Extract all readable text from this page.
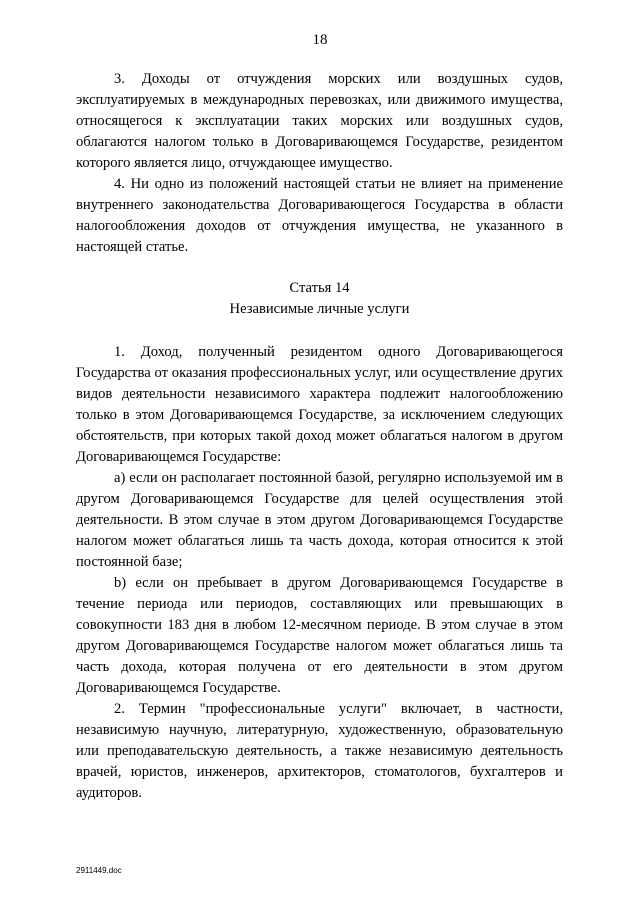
18

3. Доходы от отчуждения морских или воздушных судов, эксплуатируемых в международных перевозках, или движимого имущества, относящегося к эксплуатации таких морских или воздушных судов, облагаются налогом только в Договаривающемся Государстве, резидентом которого является лицо, отчуждающее имущество.

4. Ни одно из положений настоящей статьи не влияет на применение внутреннего законодательства Договаривающегося Государства в области налогообложения доходов от отчуждения имущества, не указанного в настоящей статье.

Статья 14

Независимые личные услуги

1. Доход, полученный резидентом одного Договаривающегося Государства от оказания профессиональных услуг, или осуществление других видов деятельности независимого характера подлежит налогообложению только в этом Договаривающемся Государстве, за исключением следующих обстоятельств, при которых такой доход может облагаться налогом в другом Договаривающемся Государстве:

a) если он располагает постоянной базой, регулярно используемой им в другом Договаривающемся Государстве для целей осуществления этой деятельности. В этом случае в этом другом Договаривающемся Государстве налогом может облагаться лишь та часть дохода, которая относится к этой постоянной базе;

b) если он пребывает в другом Договаривающемся Государстве в течение периода или периодов, составляющих или превышающих в совокупности 183 дня в любом 12-месячном периоде. В этом случае в этом другом Договаривающемся Государстве налогом может облагаться лишь та часть дохода, которая получена от его деятельности в этом другом Договаривающемся Государстве.

2. Термин "профессиональные услуги" включает, в частности, независимую научную, литературную, художественную, образовательную или преподавательскую деятельность, а также независимую деятельность врачей, юристов, инженеров, архитекторов, стоматологов, бухгалтеров и аудиторов.

2911449.doc
